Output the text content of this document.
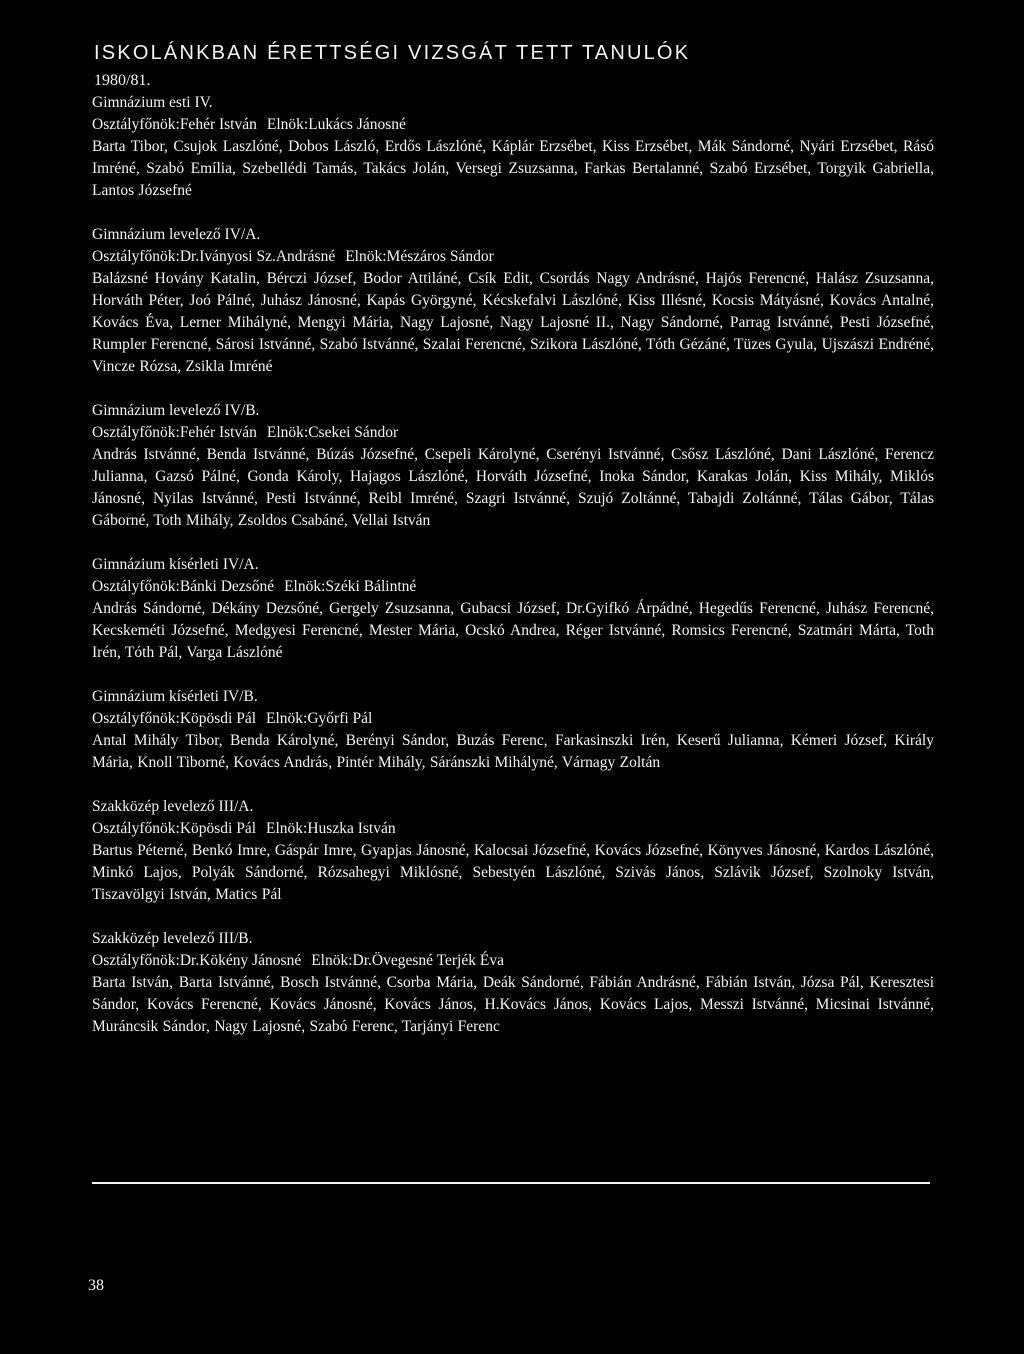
ISKOLÁNKBAN ÉRETTSÉGI VIZSGÁT TETT TANULÓK
1980/81.
Gimnázium esti IV.
Osztályfőnök:Fehér István Elnök:Lukács Jánosné
Barta Tibor, Csujok Laszlóné, Dobos László, Erdős Lászlóné, Káplár Erzsébet, Kiss Erzsébet, Mák Sándorné, Nyári Erzsébet, Rásó Imréné, Szabó Emília, Szebellédi Tamás, Takács Jolán, Versegi Zsuzsanna, Farkas Bertalanné, Szabó Erzsébet, Torgyik Gabriella, Lantos Józsefné
Gimnázium levelező IV/A.
Osztályfőnök:Dr.Iványosi Sz.Andrásné Elnök:Mészáros Sándor
Balázsné Hovány Katalin, Bérczi József, Bodor Attiláné, Csík Edit, Csordás Nagy Andrásné, Hajós Ferencné, Halász Zsuzsanna, Horváth Péter, Joó Pálné, Juhász Jánosné, Kapás Györgyné, Kécskefalvi Lászlóné, Kiss Illésné, Kocsis Mátyásné, Kovács Antalné, Kovács Éva, Lerner Mihályné, Mengyi Mária, Nagy Lajosné, Nagy Lajosné II., Nagy Sándorné, Parrag Istvánné, Pesti Józsefné, Rumpler Ferencné, Sárosi Istvánné, Szabó Istvánné, Szalai Ferencné, Szikora Lászlóné, Tóth Gézáné, Tüzes Gyula, Ujszászi Endréné, Vincze Rózsa, Zsikla Imréné
Gimnázium levelező IV/B.
Osztályfőnök:Fehér István Elnök:Csekei Sándor
András Istvánné, Benda Istvánné, Búzás Józsefné, Csepeli Károlyné, Cserényi Istvánné, Csősz Lászlóné, Dani Lászlóné, Ferencz Julianna, Gazsó Pálné, Gonda Károly, Hajagos Lászlóné, Horváth Józsefné, Inoka Sándor, Karakas Jolán, Kiss Mihály, Miklós Jánosné, Nyilas Istvánné, Pesti Istvánné, Reibl Imréné, Szagri Istvánné, Szujó Zoltánné, Tabajdi Zoltánné, Tálas Gábor, Tálas Gáborné, Toth Mihály, Zsoldos Csabáné, Vellai István
Gimnázium kísérleti IV/A.
Osztályfőnök:Bánki Dezsőné Elnök:Széki Bálintné
András Sándorné, Dékány Dezsőné, Gergely Zsuzsanna, Gubacsi József, Dr.Gyifkó Árpádné, Hegedűs Ferencné, Juhász Ferencné, Kecskeméti Józsefné, Medgyesi Ferencné, Mester Mária, Ocskó Andrea, Réger Istvánné, Romsics Ferencné, Szatmári Márta, Toth Irén, Tóth Pál, Varga Lászlóné
Gimnázium kísérleti IV/B.
Osztályfőnök:Köpösdi Pál Elnök:Győrfi Pál
Antal Mihály Tibor, Benda Károlyné, Berényi Sándor, Buzás Ferenc, Farkasinszki Irén, Keserű Julianna, Kémeri József, Király Mária, Knoll Tiborné, Kovács András, Pintér Mihály, Sáránszki Mihályné, Várnagy Zoltán
Szakközép levelező III/A.
Osztályfőnök:Köpösdi Pál Elnök:Huszka István
Bartus Péterné, Benkó Imre, Gáspár Imre, Gyapjas Jánosné, Kalocsai Józsefné, Kovács Józsefné, Könyves Jánosné, Kardos Lászlóné, Minkó Lajos, Polyák Sándorné, Rózsahegyi Miklósné, Sebestyén Lászlóné, Szivás János, Szlávik József, Szolnoky István, Tiszavölgyi István, Matics Pál
Szakközép levelező III/B.
Osztályfőnök:Dr.Kökény Jánosné Elnök:Dr.Övegesné Terjék Éva
Barta István, Barta Istvánné, Bosch Istvánné, Csorba Mária, Deák Sándorné, Fábián Andrásné, Fábián István, Józsa Pál, Keresztesi Sándor, Kovács Ferencné, Kovács Jánosné, Kovács János, H.Kovács János, Kovács Lajos, Messzi Istvánné, Micsinai Istvánné, Muráncsik Sándor, Nagy Lajosné, Szabó Ferenc, Tarjányi Ferenc
38
